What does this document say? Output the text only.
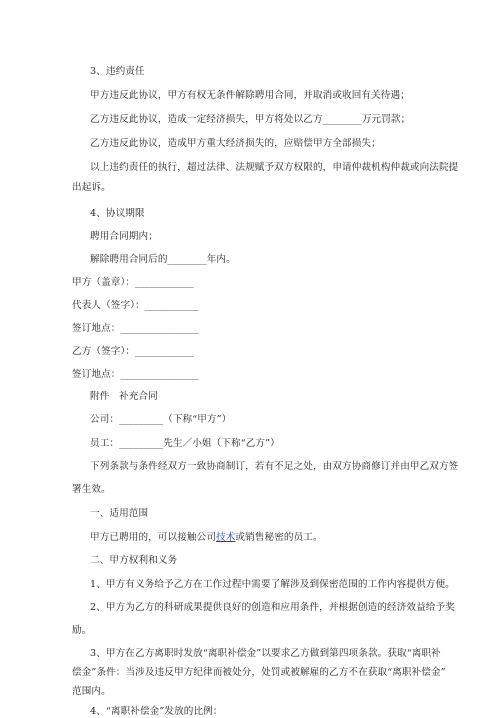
3、违约责任
甲方违反此协议，甲方有权无条件解除聘用合同，并取消或收回有关待遇；
乙方违反此协议，造成一定经济损失，甲方将处以乙方________万元罚款；
乙方违反此协议，造成甲方重大经济损失的，应赔偿甲方全部损失；
以上违约责任的执行，超过法律、法规赋予双方权限的，申请仲裁机构仲裁或向法院提
出起诉。
4、协议期限
聘用合同期内；
解除聘用合同后的________年内。
甲方（盖章）：____________
代表人（签字）：___________
签订地点：________________
乙方（签字）：____________
签订地点：________________
附件　补充合同
公司：_________（下称“甲方”）
员工：_________先生／小姐（下称“乙方”）
下列条款与条件经双方一致协商制订，若有不足之处，由双方协商修订并由甲乙双方签
署生效。
一、适用范围
甲方已聘用的，可以接触公司技术或销售秘密的员工。
二、甲方权利和义务
1、甲方有义务给予乙方在工作过程中需要了解涉及到保密范围的工作内容提供方便。
2、甲方为乙方的科研成果提供良好的创造和应用条件，并根据创造的经济效益给予奖
励。
3、甲方在乙方离职时发放“离职补偿金”以要求乙方做到第四项条款。获取“离职补
偿金”条件：当涉及违反甲方纪律而被处分，处罚或被解雇的乙方不在获取“离职补偿金”
范围内。
4、“离职补偿金”发放的比例：
